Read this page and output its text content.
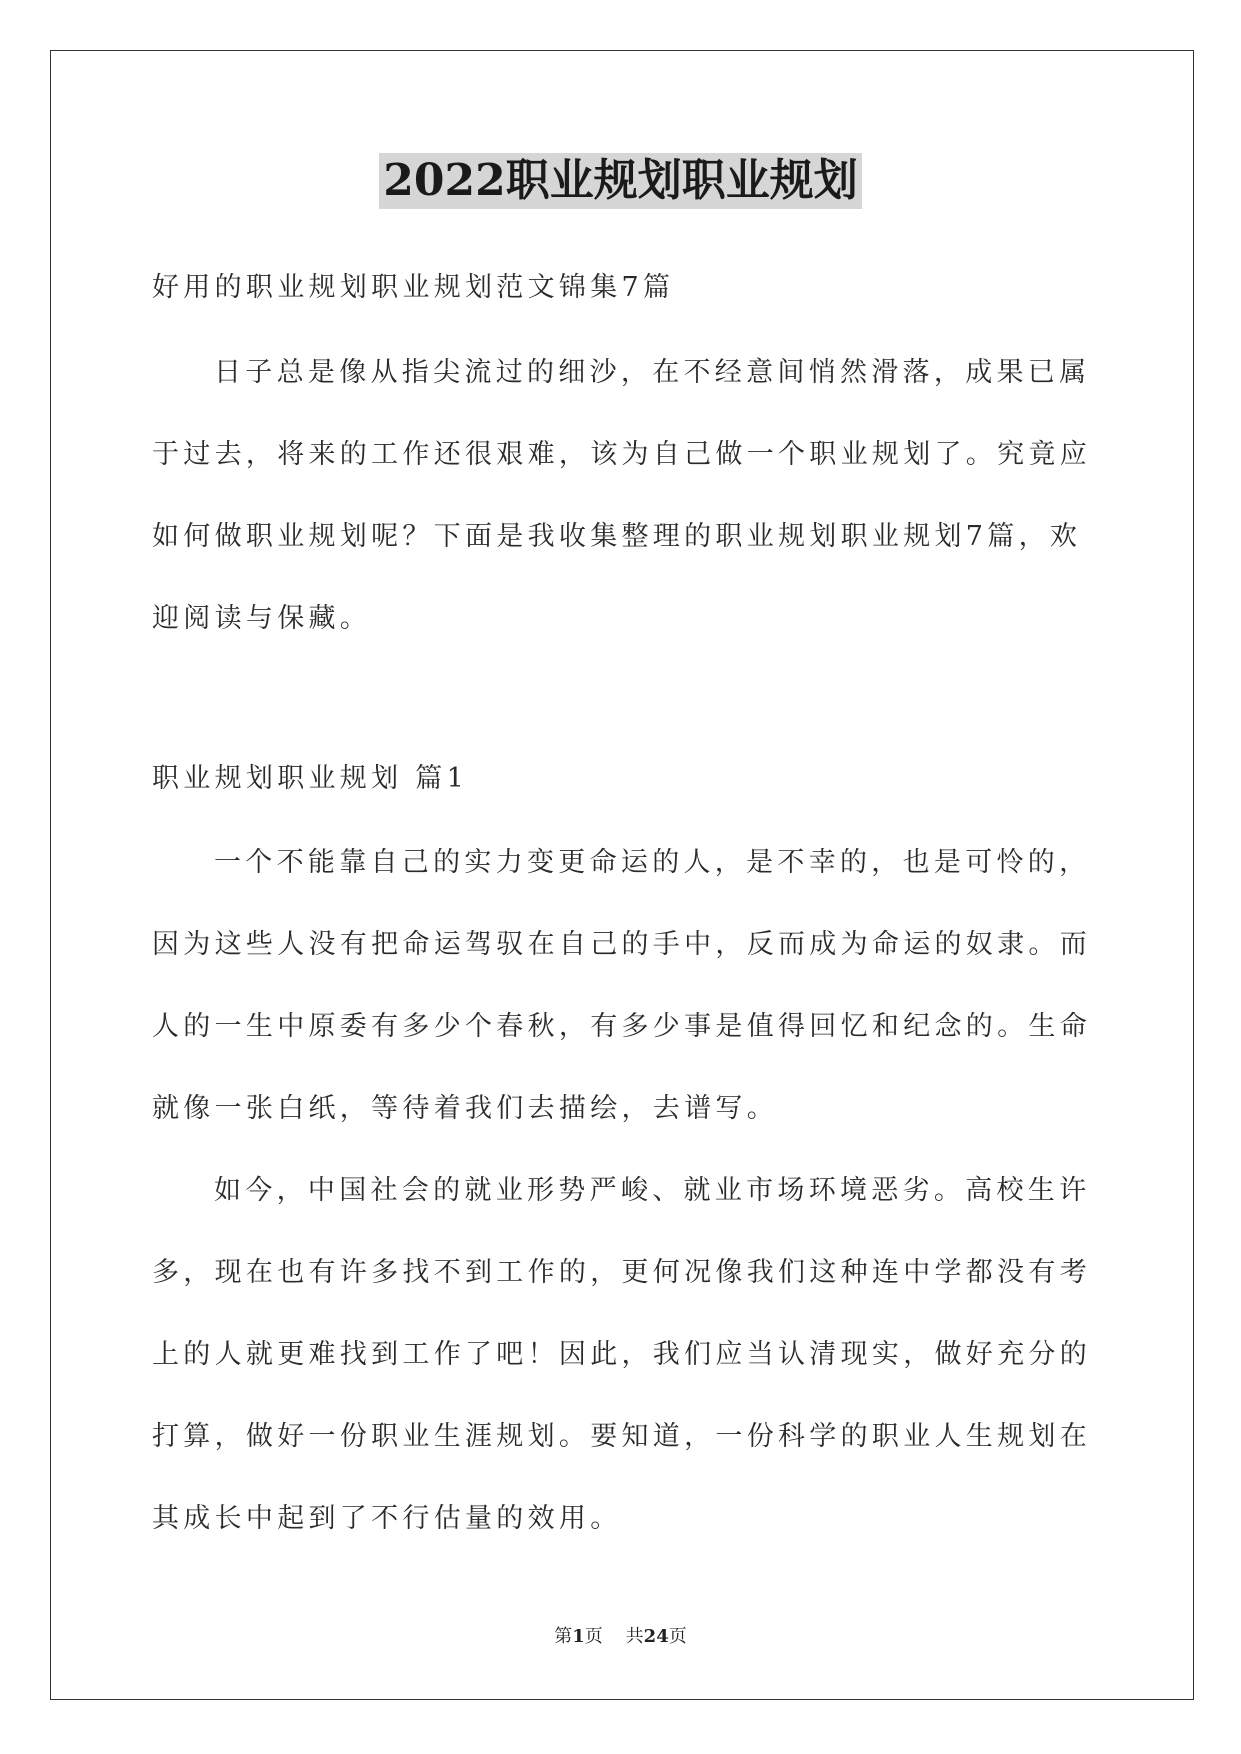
2022职业规划职业规划
好用的职业规划职业规划范文锦集7篇
日子总是像从指尖流过的细沙，在不经意间悄然滑落，成果已属
于过去，将来的工作还很艰难，该为自己做一个职业规划了。究竟应
如何做职业规划呢？下面是我收集整理的职业规划职业规划7篇，欢
迎阅读与保藏。
职业规划职业规划 篇1
一个不能靠自己的实力变更命运的人，是不幸的，也是可怜的，
因为这些人没有把命运驾驭在自己的手中，反而成为命运的奴隶。而
人的一生中原委有多少个春秋，有多少事是值得回忆和纪念的。生命
就像一张白纸，等待着我们去描绘，去谱写。
如今，中国社会的就业形势严峻、就业市场环境恶劣。高校生许
多，现在也有许多找不到工作的，更何况像我们这种连中学都没有考
上的人就更难找到工作了吧！因此，我们应当认清现实，做好充分的
打算，做好一份职业生涯规划。要知道，一份科学的职业人生规划在
其成长中起到了不行估量的效用。
第1页 共24页
